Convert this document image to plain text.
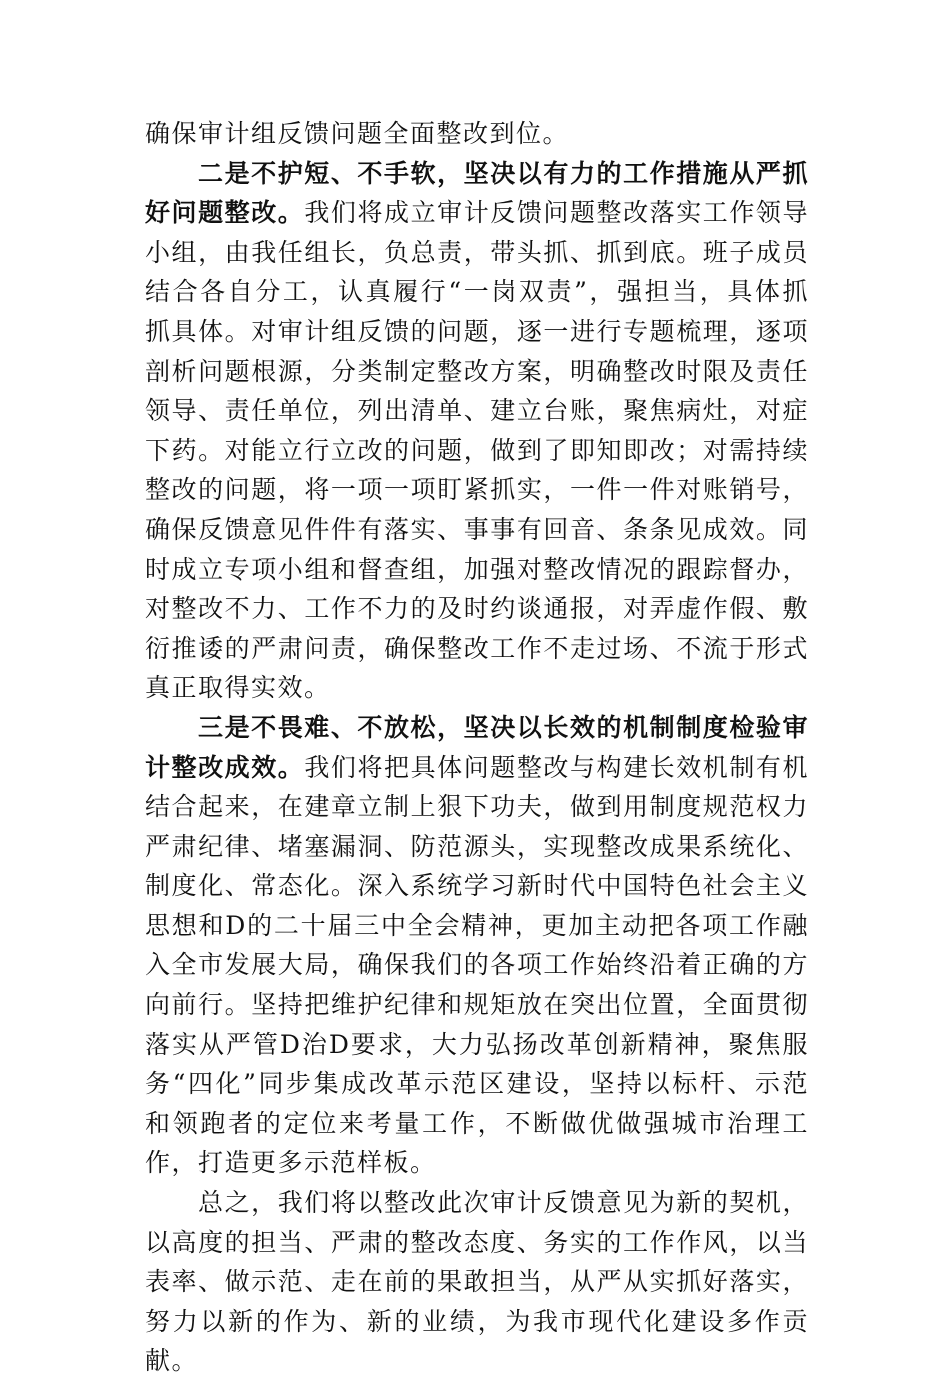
确保审计组反馈问题全面整改到位。

二是不护短、不手软，坚决以有力的工作措施从严抓好问题整改。我们将成立审计反馈问题整改落实工作领导小组，由我任组长，负总责，带头抓、抓到底。班子成员结合各自分工，认真履行“一岗双责”，强担当，具体抓抓具体。对审计组反馈的问题，逐一进行专题梳理，逐项剖析问题根源，分类制定整改方案，明确整改时限及责任领导、责任单位，列出清单、建立台账，聚焦病灶，对症下药。对能立行立改的问题，做到了即知即改；对需持续整改的问题，将一项一项盯紧抓实，一件一件对账销号，确保反馈意见件件有落实、事事有回音、条条见成效。同时成立专项小组和督查组，加强对整改情况的跟踪督办，对整改不力、工作不力的及时约谈通报，对弄虚作假、敷衍推诿的严肃问责，确保整改工作不走过场、不流于形式真正取得实效。

三是不畏难、不放松，坚决以长效的机制制度检验审计整改成效。我们将把具体问题整改与构建长效机制有机结合起来，在建章立制上狠下功夫，做到用制度规范权力严肃纪律、堵塞漏洞、防范源头，实现整改成果系统化、制度化、常态化。深入系统学习新时代中国特色社会主义思想和D的二十届三中全会精神，更加主动把各项工作融入全市发展大局，确保我们的各项工作始终沿着正确的方向前行。坚持把维护纪律和规矩放在突出位置，全面贯彻落实从严管D治D要求，大力弘扬改革创新精神，聚焦服务“四化”同步集成改革示范区建设，坚持以标杆、示范和领跑者的定位来考量工作，不断做优做强城市治理工作，打造更多示范样板。

总之，我们将以整改此次审计反馈意见为新的契机，以高度的担当、严肃的整改态度、务实的工作作风，以当表率、做示范、走在前的果敢担当，从严从实抓好落实，努力以新的作为、新的业绩，为我市现代化建设多作贡献。
